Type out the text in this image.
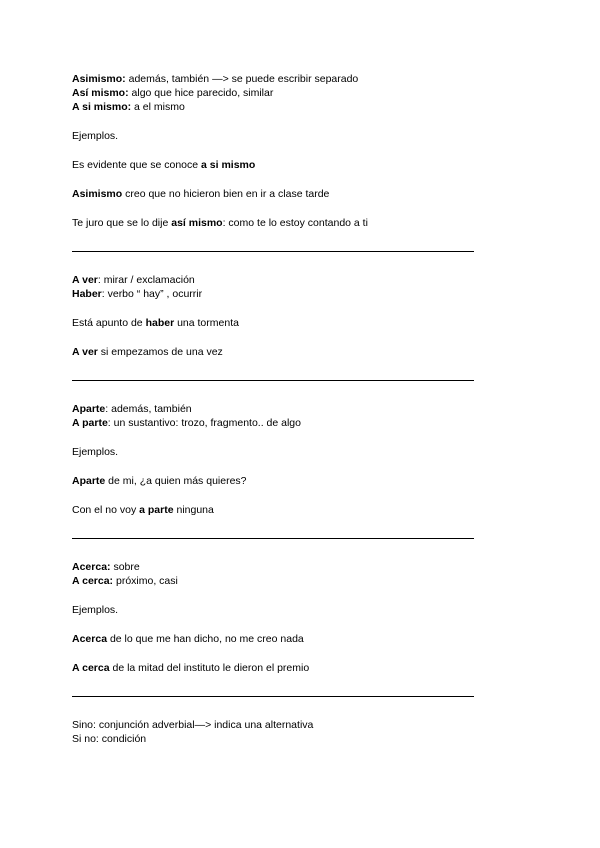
Asimismo: además, también —> se puede escribir separado

Así mismo: algo que hice parecido, similar

A si mismo: a el mismo

Ejemplos.

Es evidente que se conoce a si mismo

Asimismo creo que no hicieron bien en ir a clase tarde

Te juro que se lo dije así mismo: como te lo estoy contando a ti

A ver: mirar / exclamación

Haber: verbo “ hay” , ocurrir

Está apunto de haber una tormenta

A ver si empezamos de una vez

Aparte: además, también

A parte: un sustantivo: trozo, fragmento.. de algo

Ejemplos.

Aparte de mi, ¿a quien más quieres?

Con el no voy a parte ninguna

Acerca: sobre

A cerca: próximo, casi

Ejemplos.

Acerca de lo que me han dicho, no me creo nada

A cerca de la mitad del instituto le dieron el premio

Sino: conjunción adverbial—> indica una alternativa

Si no: condición
